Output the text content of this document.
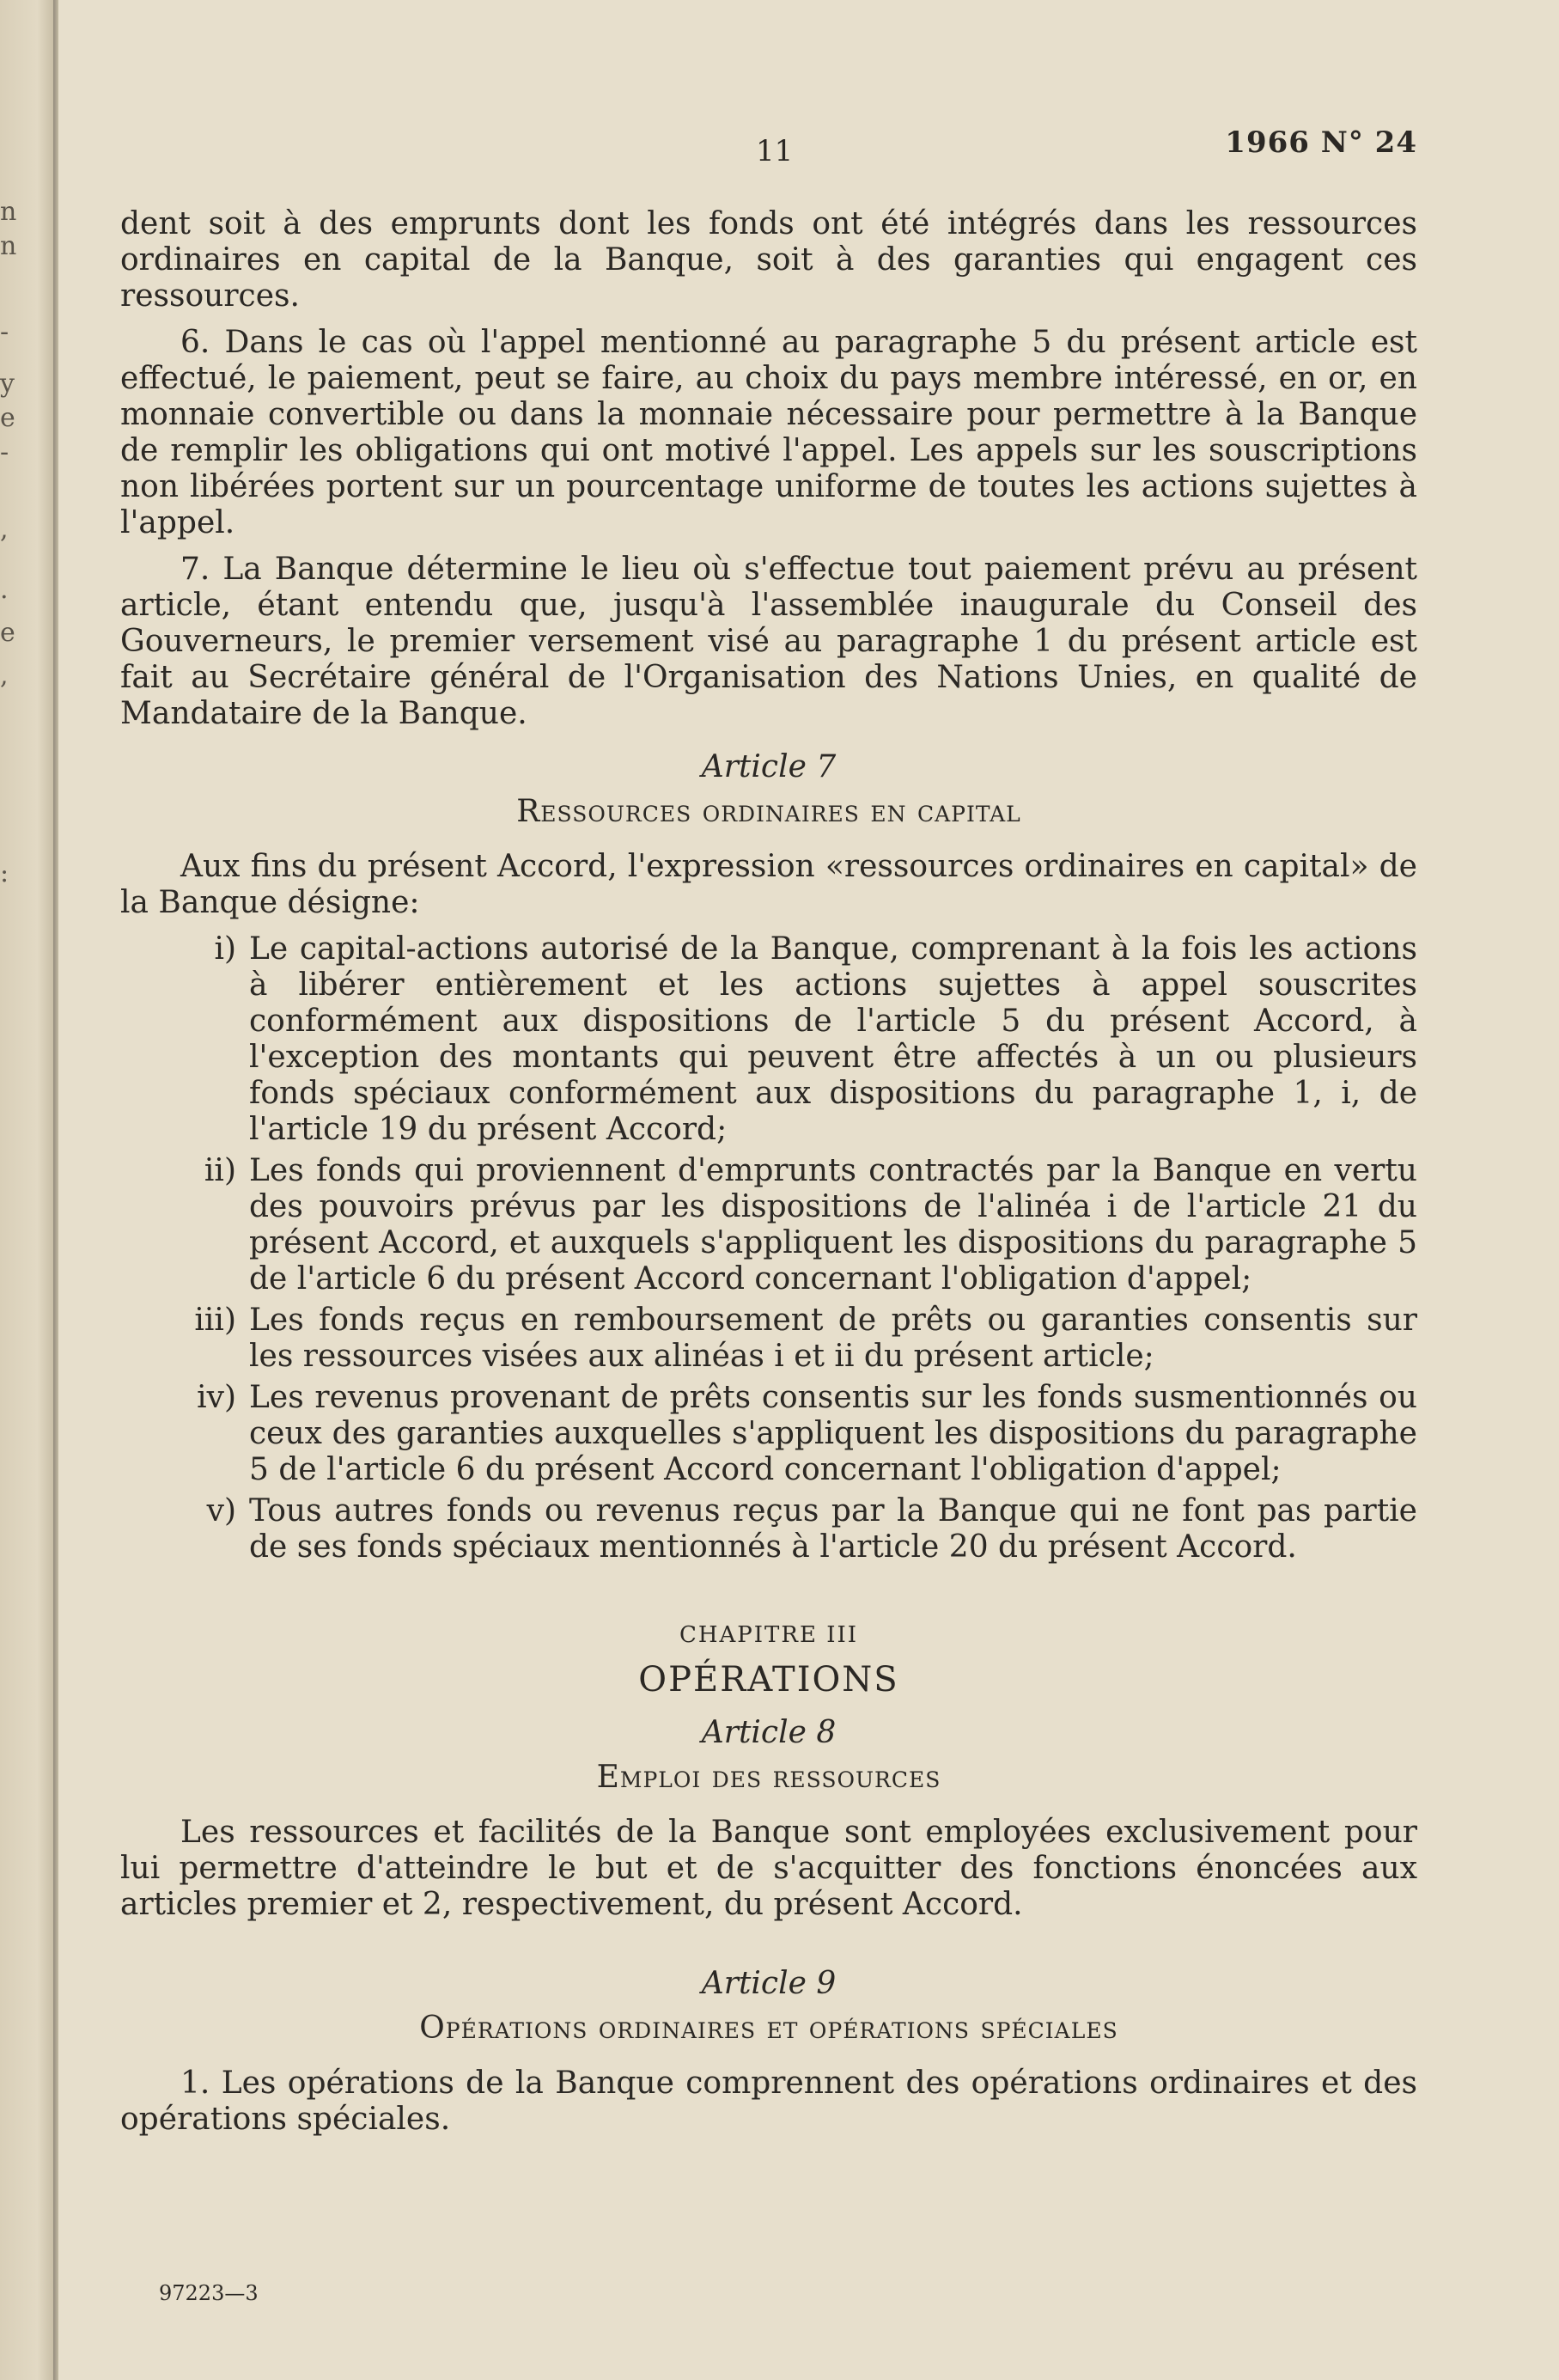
n
n
-
y
e
-
,
.
e
,
:
11	1966 N° 24

dent soit à des emprunts dont les fonds ont été intégrés dans les ressources ordinaires en capital de la Banque, soit à des garanties qui engagent ces ressources.

6. Dans le cas où l'appel mentionné au paragraphe 5 du présent article est effectué, le paiement, peut se faire, au choix du pays membre intéressé, en or, en monnaie convertible ou dans la monnaie nécessaire pour permettre à la Banque de remplir les obligations qui ont motivé l'appel. Les appels sur les souscriptions non libérées portent sur un pourcentage uniforme de toutes les actions sujettes à l'appel.

7. La Banque détermine le lieu où s'effectue tout paiement prévu au présent article, étant entendu que, jusqu'à l'assemblée inaugurale du Conseil des Gouverneurs, le premier versement visé au paragraphe 1 du présent article est fait au Secrétaire général de l'Organisation des Nations Unies, en qualité de Mandataire de la Banque.

Article 7
Ressources ordinaires en capital

Aux fins du présent Accord, l'expression «ressources ordinaires en capital» de la Banque désigne:

i) Le capital-actions autorisé de la Banque, comprenant à la fois les actions à libérer entièrement et les actions sujettes à appel souscrites conformément aux dispositions de l'article 5 du présent Accord, à l'exception des montants qui peuvent être affectés à un ou plusieurs fonds spéciaux conformément aux dispositions du paragraphe 1, i, de l'article 19 du présent Accord;
ii) Les fonds qui proviennent d'emprunts contractés par la Banque en vertu des pouvoirs prévus par les dispositions de l'alinéa i de l'article 21 du présent Accord, et auxquels s'appliquent les dispositions du paragraphe 5 de l'article 6 du présent Accord concernant l'obligation d'appel;
iii) Les fonds reçus en remboursement de prêts ou garanties consentis sur les ressources visées aux alinéas i et ii du présent article;
iv) Les revenus provenant de prêts consentis sur les fonds susmentionnés ou ceux des garanties auxquelles s'appliquent les dispositions du paragraphe 5 de l'article 6 du présent Accord concernant l'obligation d'appel;
v) Tous autres fonds ou revenus reçus par la Banque qui ne font pas partie de ses fonds spéciaux mentionnés à l'article 20 du présent Accord.
CHAPITRE III
OPÉRATIONS
Article 8
Emploi des ressources

Les ressources et facilités de la Banque sont employées exclusivement pour lui permettre d'atteindre le but et de s'acquitter des fonctions énoncées aux articles premier et 2, respectivement, du présent Accord.

Article 9
Opérations ordinaires et opérations spéciales

1. Les opérations de la Banque comprennent des opérations ordinaires et des opérations spéciales.

97223—3
